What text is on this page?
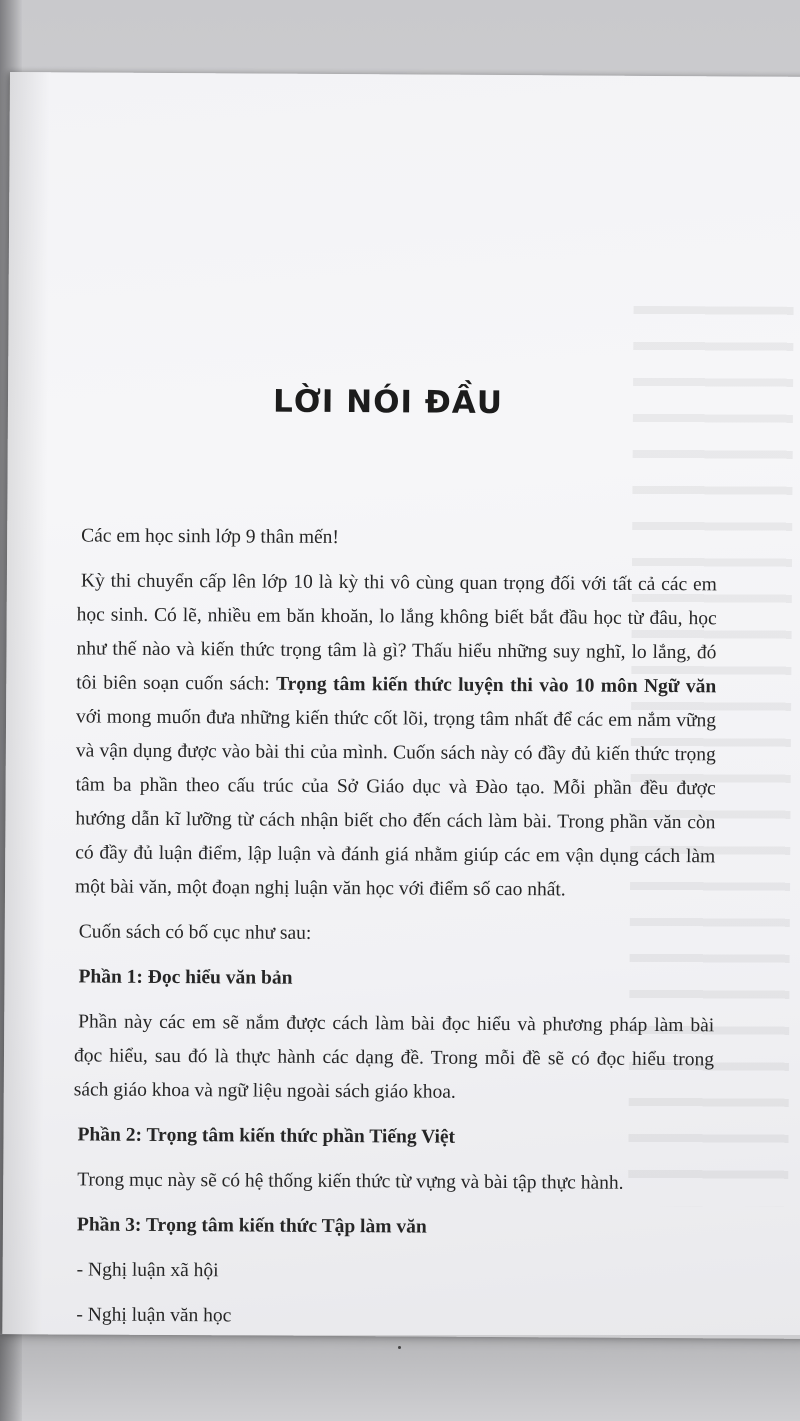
LỜI NÓI ĐẦU

Các em học sinh lớp 9 thân mến!

Kỳ thi chuyển cấp lên lớp 10 là kỳ thi vô cùng quan trọng đối với tất cả các em học sinh. Có lẽ, nhiều em băn khoăn, lo lắng không biết bắt đầu học từ đâu, học như thế nào và kiến thức trọng tâm là gì? Thấu hiểu những suy nghĩ, lo lắng, đó tôi biên soạn cuốn sách: Trọng tâm kiến thức luyện thi vào 10 môn Ngữ văn với mong muốn đưa những kiến thức cốt lõi, trọng tâm nhất để các em nắm vững và vận dụng được vào bài thi của mình. Cuốn sách này có đầy đủ kiến thức trọng tâm ba phần theo cấu trúc của Sở Giáo dục và Đào tạo. Mỗi phần đều được hướng dẫn kĩ lưỡng từ cách nhận biết cho đến cách làm bài. Trong phần văn còn có đầy đủ luận điểm, lập luận và đánh giá nhằm giúp các em vận dụng cách làm một bài văn, một đoạn nghị luận văn học với điểm số cao nhất.

Cuốn sách có bố cục như sau:

Phần 1: Đọc hiểu văn bản

Phần này các em sẽ nắm được cách làm bài đọc hiểu và phương pháp làm bài đọc hiểu, sau đó là thực hành các dạng đề. Trong mỗi đề sẽ có đọc hiểu trong sách giáo khoa và ngữ liệu ngoài sách giáo khoa.

Phần 2: Trọng tâm kiến thức phần Tiếng Việt

Trong mục này sẽ có hệ thống kiến thức từ vựng và bài tập thực hành.

Phần 3: Trọng tâm kiến thức Tập làm văn

- Nghị luận xã hội

- Nghị luận văn học
